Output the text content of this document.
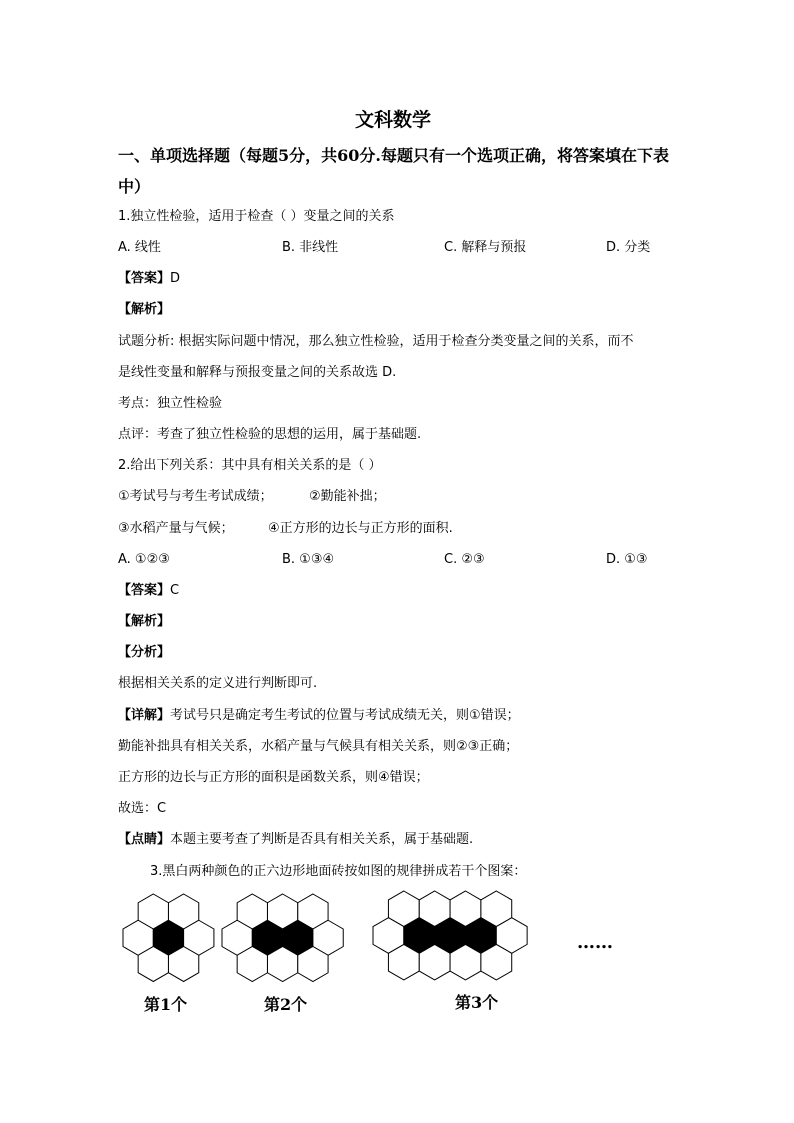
文科数学
一、单项选择题（每题5分，共60分.每题只有一个选项正确，将答案填在下表
中）
1.独立性检验，适用于检查（ ）变量之间的关系
A. 线性	B. 非线性	C. 解释与预报	D. 分类
【答案】D
【解析】
试题分析: 根据实际问题中情况，那么独立性检验，适用于检查分类变量之间的关系，而不
是线性变量和解释与预报变量之间的关系故选 D.
考点：独立性检验
点评：考查了独立性检验的思想的运用，属于基础题.
2.给出下列关系：其中具有相关关系的是（ ）
①考试号与考生考试成绩；	②勤能补拙；
③水稻产量与气候；	④正方形的边长与正方形的面积.
A. ①②③	B. ①③④	C. ②③	D. ①③
【答案】C
【解析】
【分析】
根据相关关系的定义进行判断即可.
【详解】考试号只是确定考生考试的位置与考试成绩无关，则①错误；
勤能补拙具有相关关系，水稻产量与气候具有相关关系，则②③正确；
正方形的边长与正方形的面积是函数关系，则④错误；
故选：C
【点睛】本题主要考查了判断是否具有相关关系，属于基础题.
3.黑白两种颜色的正六边形地面砖按如图的规律拼成若干个图案：
……
第1个	第2个	第3个
